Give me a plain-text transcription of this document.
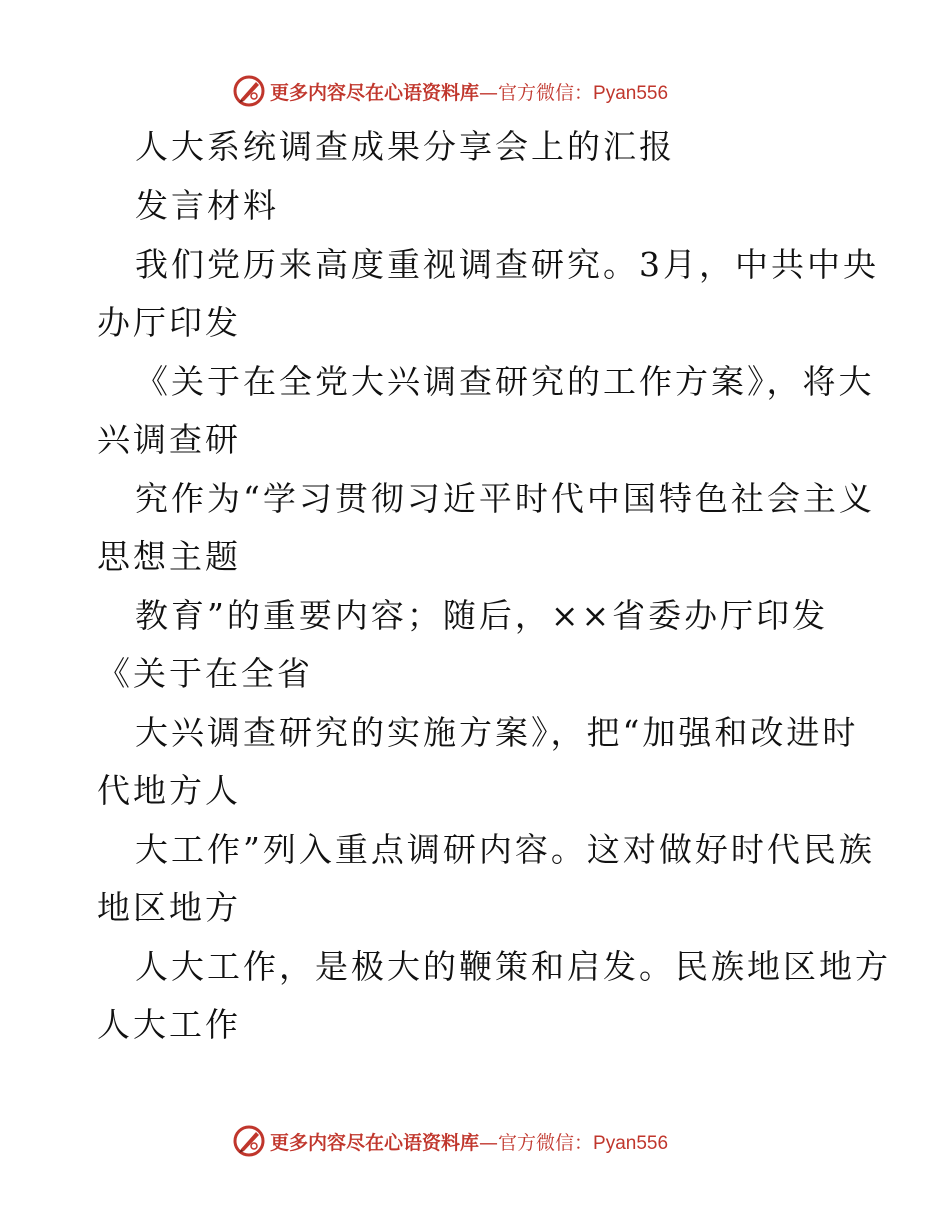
更多内容尽在心语资料库—官方微信：Pyan556
人大系统调查成果分享会上的汇报
发言材料
我们党历来高度重视调查研究。3月，中共中央
办厅印发
《关于在全党大兴调查研究的工作方案》，将大
兴调查研
究作为“学习贯彻习近平时代中国特色社会主义
思想主题
教育”的重要内容；随后，××省委办厅印发
《关于在全省
大兴调查研究的实施方案》，把“加强和改进时
代地方人
大工作”列入重点调研内容。这对做好时代民族
地区地方
人大工作，是极大的鞭策和启发。民族地区地方
人大工作
更多内容尽在心语资料库—官方微信：Pyan556
